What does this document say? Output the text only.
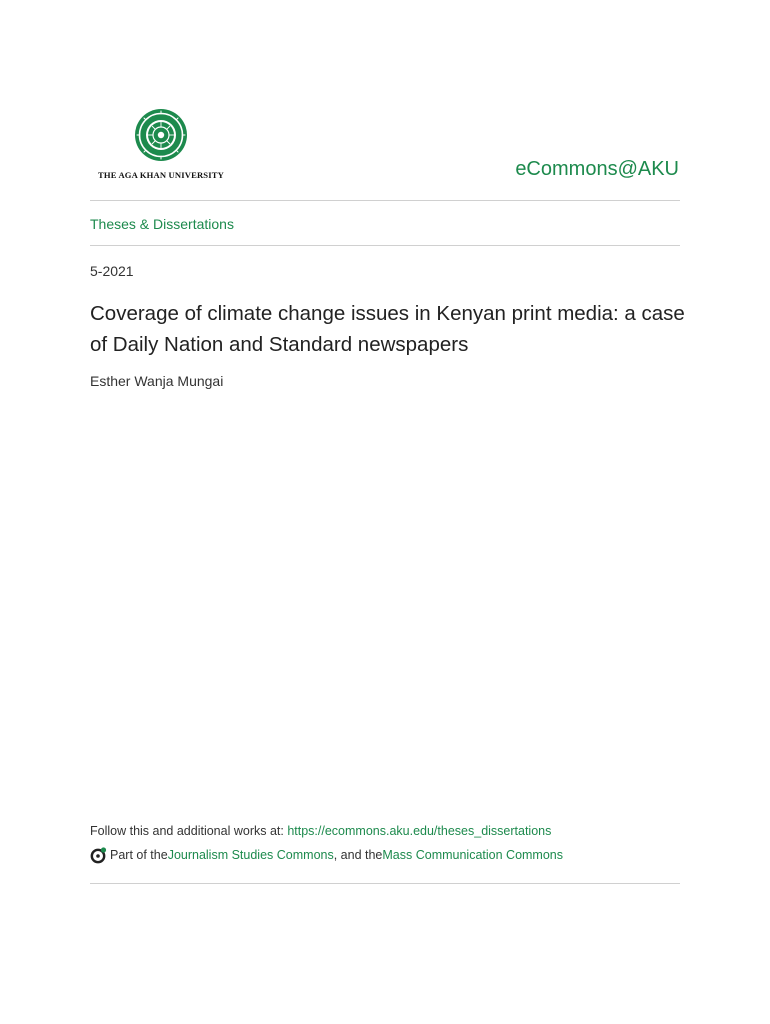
THE AGA KHAN UNIVERSITY	eCommons@AKU
Theses & Dissertations
5-2021
Coverage of climate change issues in Kenyan print media: a case of Daily Nation and Standard newspapers
Esther Wanja Mungai
Follow this and additional works at: https://ecommons.aku.edu/theses_dissertations
Part of the Journalism Studies Commons , and the Mass Communication Commons
